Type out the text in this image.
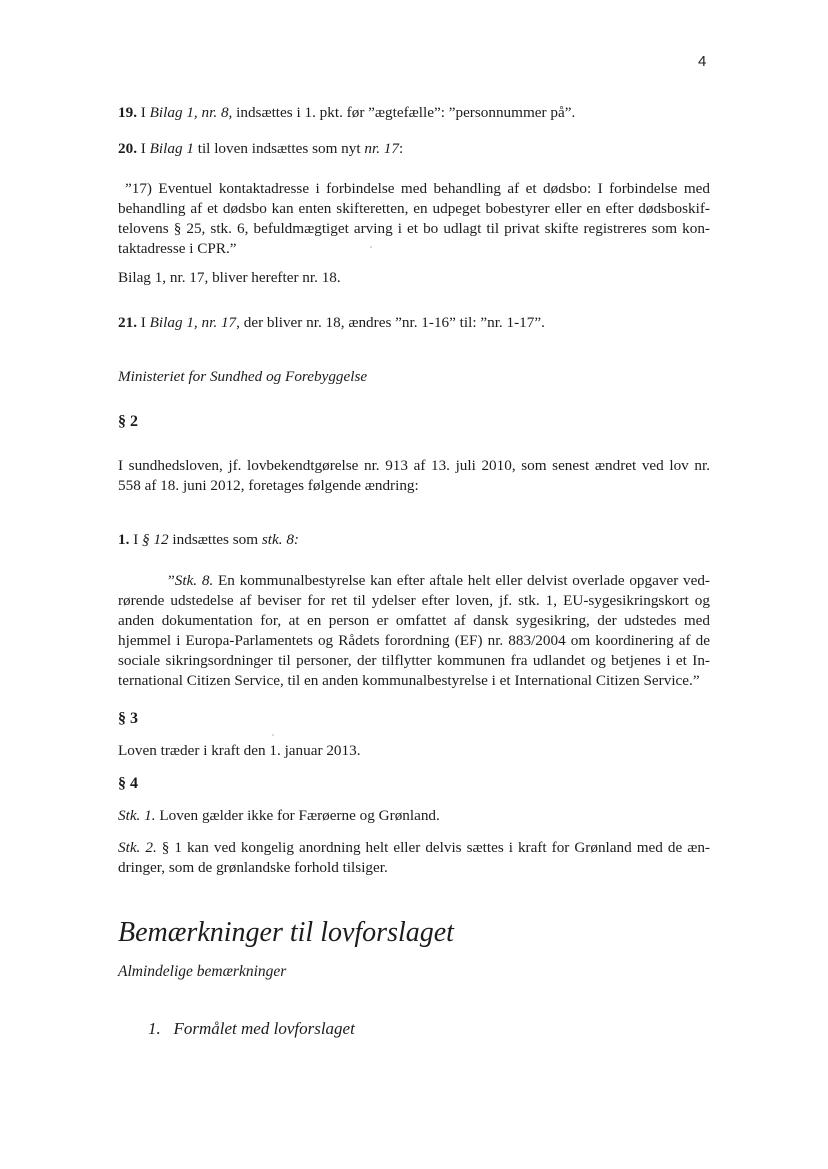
4

19. I Bilag 1, nr. 8, indsættes i 1. pkt. før ”ægtefælle”: ”personnummer på”.

20. I Bilag 1 til loven indsættes som nyt nr. 17:

”17) Eventuel kontaktadresse i forbindelse med behandling af et dødsbo: I forbindelse med
behandling af et dødsbo kan enten skifteretten, en udpeget bobestyrer eller en efter dødsboskif-
telovens § 25, stk. 6, befuldmægtiget arving i et bo udlagt til privat skifte registreres som kon-
taktadresse i CPR.”

Bilag 1, nr. 17, bliver herefter nr. 18.

21. I Bilag 1, nr. 17, der bliver nr. 18, ændres ”nr. 1-16” til: ”nr. 1-17”.

Ministeriet for Sundhed og Forebyggelse

§ 2

I sundhedsloven, jf. lovbekendtgørelse nr. 913 af 13. juli 2010, som senest ændret ved lov nr.
558 af 18. juni 2012, foretages følgende ændring:

1. I § 12 indsættes som stk. 8:

”Stk. 8. En kommunalbestyrelse kan efter aftale helt eller delvist overlade opgaver ved-
rørende udstedelse af beviser for ret til ydelser efter loven, jf. stk. 1, EU-sygesikringskort og
anden dokumentation for, at en person er omfattet af dansk sygesikring, der udstedes med
hjemmel i Europa-Parlamentets og Rådets forordning (EF) nr. 883/2004 om koordinering af de
sociale sikringsordninger til personer, der tilflytter kommunen fra udlandet og betjenes i et In-
ternational Citizen Service, til en anden kommunalbestyrelse i et International Citizen Service.”

§ 3

Loven træder i kraft den 1. januar 2013.

§ 4

Stk. 1. Loven gælder ikke for Færøerne og Grønland.

Stk. 2. § 1 kan ved kongelig anordning helt eller delvis sættes i kraft for Grønland med de æn-
dringer, som de grønlandske forhold tilsiger.

Bemærkninger til lovforslaget

Almindelige bemærkninger

1. Formålet med lovforslaget
